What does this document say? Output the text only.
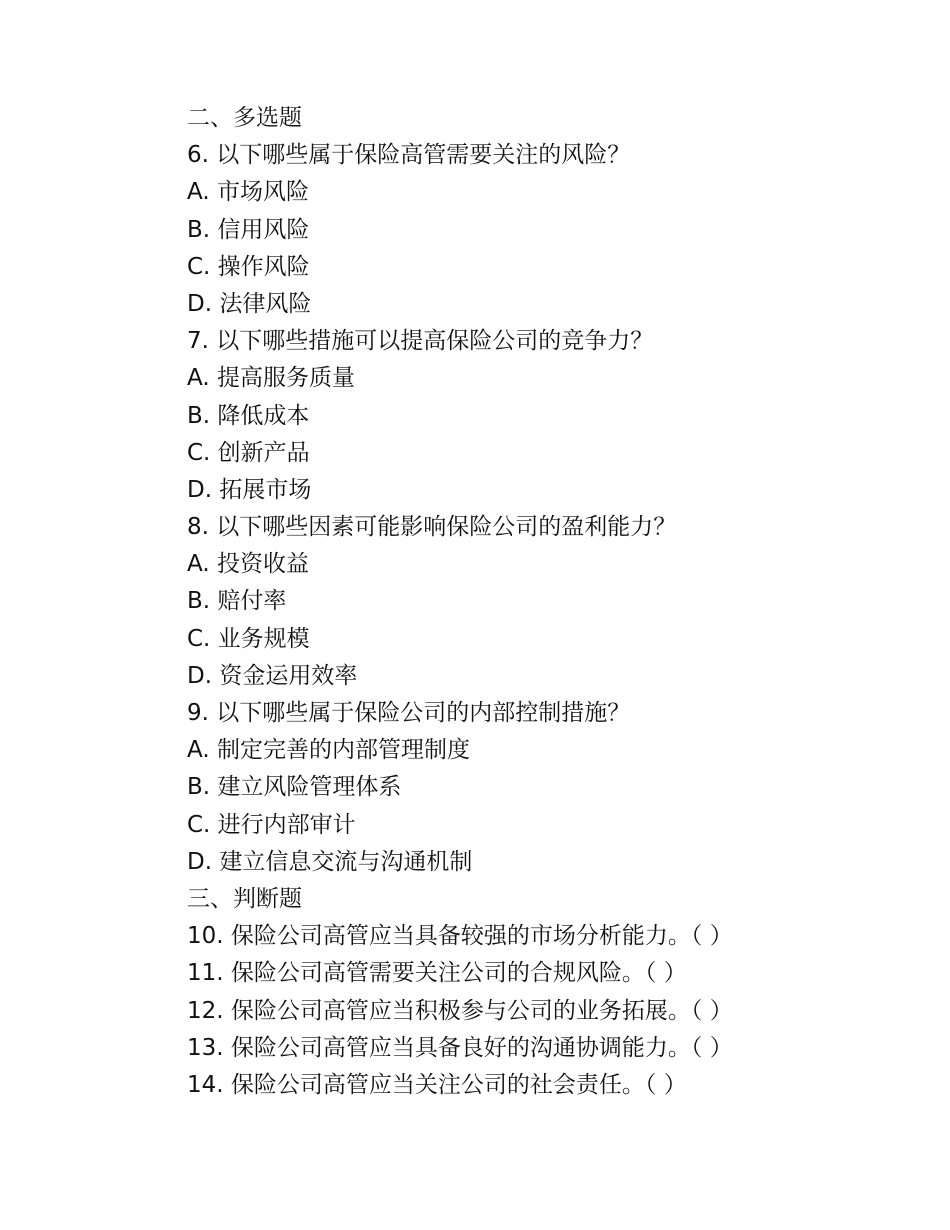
二、多选题
6. 以下哪些属于保险高管需要关注的风险？
A. 市场风险
B. 信用风险
C. 操作风险
D. 法律风险
7. 以下哪些措施可以提高保险公司的竞争力？
A. 提高服务质量
B. 降低成本
C. 创新产品
D. 拓展市场
8. 以下哪些因素可能影响保险公司的盈利能力？
A. 投资收益
B. 赔付率
C. 业务规模
D. 资金运用效率
9. 以下哪些属于保险公司的内部控制措施？
A. 制定完善的内部管理制度
B. 建立风险管理体系
C. 进行内部审计
D. 建立信息交流与沟通机制
三、判断题
10. 保险公司高管应当具备较强的市场分析能力。（ ）
11. 保险公司高管需要关注公司的合规风险。（ ）
12. 保险公司高管应当积极参与公司的业务拓展。（ ）
13. 保险公司高管应当具备良好的沟通协调能力。（ ）
14. 保险公司高管应当关注公司的社会责任。（ ）
